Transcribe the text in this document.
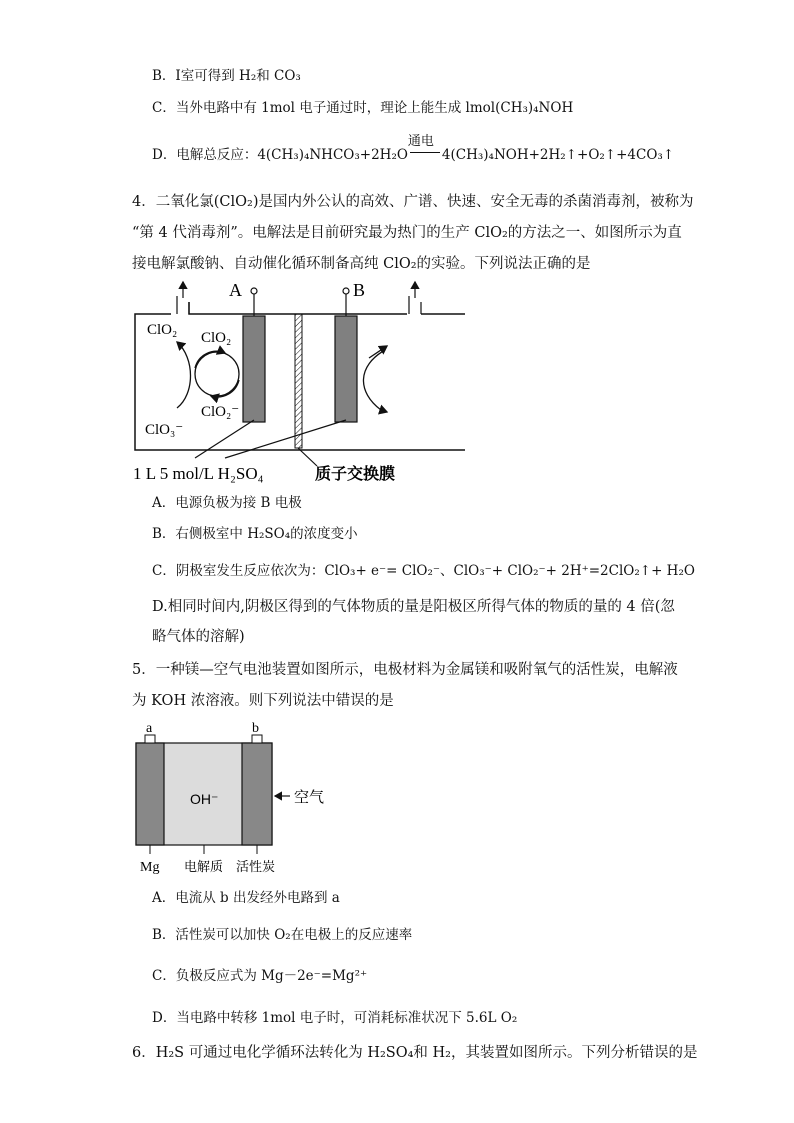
B．Ⅰ室可得到 H₂和 CO₃
C．当外电路中有 1mol 电子通过时，理论上能生成 lmol(CH₃)₄NOH
D．电解总反应：4(CH₃)₄NHCO₃+2H₂O
通电
4(CH₃)₄NOH+2H₂↑+O₂↑+4CO₃↑
4．二氧化氯(ClO₂)是国内外公认的高效、广谱、快速、安全无毒的杀菌消毒剂，被称为
“第 4 代消毒剂”。电解法是目前研究最为热门的生产 ClO₂的方法之一、如图所示为直
接电解氯酸钠、自动催化循环制备高纯 ClO₂的实验。下列说法正确的是
A	B
ClO₂ ClO₂
ClO₂⁻
ClO₃⁻
1 L 5 mol/L H₂SO₄	质子交换膜
A．电源负极为接 B 电极
B．右侧极室中 H₂SO₄的浓度变小
C．阴极室发生反应依次为：ClO₃+ e⁻= ClO₂⁻、ClO₃⁻+ ClO₂⁻+ 2H⁺=2ClO₂↑+ H₂O
D.相同时间内,阴极区得到的气体物质的量是阳极区所得气体的物质的量的 4 倍(忽
略气体的溶解)
5．一种镁—空气电池装置如图所示，电极材料为金属镁和吸附氧气的活性炭，电解液
为 KOH 浓溶液。则下列说法中错误的是
a	b
OH⁻	空气
Mg 电解质 活性炭
A．电流从 b 出发经外电路到 a
B．活性炭可以加快 O₂在电极上的反应速率
C．负极反应式为 Mg－2e⁻=Mg²⁺
D．当电路中转移 1mol 电子时，可消耗标准状况下 5.6L O₂
6．H₂S 可通过电化学循环法转化为 H₂SO₄和 H₂，其装置如图所示。下列分析错误的是
